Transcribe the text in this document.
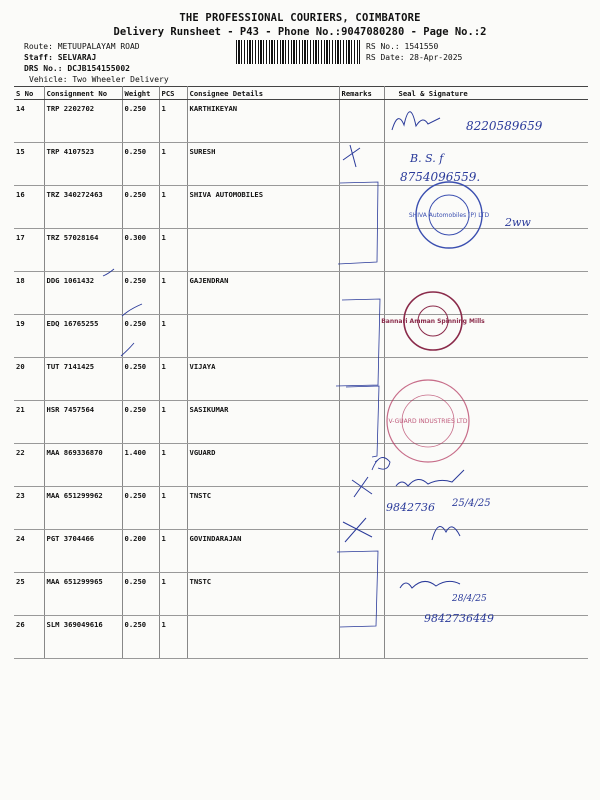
THE PROFESSIONAL COURIERS, COIMBATORE
Delivery Runsheet - P43 - Phone No.:9047080280 - Page No.:2
Route: METUUPALAYAM ROAD
Staff: SELVARAJ
DRS No.: DCJB154155002
Vehicle: Two Wheeler Delivery
RS No.: 1541550
RS Date: 28-Apr-2025
S No	Consignment No	Weight	PCS	Consignee Details	Remarks	Seal & Signature
14	TRP 2202702	0.250	1	KARTHIKEYAN		
15	TRP 4107523	0.250	1	SURESH		
16	TRZ 340272463	0.250	1	SHIVA AUTOMOBILES		
17	TRZ 57028164	0.300	1			
18	DDG 1061432	0.250	1	GAJENDRAN		
19	EDQ 16765255	0.250	1			
20	TUT 7141425	0.250	1	VIJAYA		
21	HSR 7457564	0.250	1	SASIKUMAR		
22	MAA 869336870	1.400	1	VGUARD		
23	MAA 651299962	0.250	1	TNSTC		
24	PGT 3704466	0.200	1	GOVINDARAJAN		
25	MAA 651299965	0.250	1	TNSTC		
26	SLM 369049616	0.250	1			
8220589659
B. S. f
8754096559.
SHIVA Automobiles (P) LTD
2ww
Bannari Amman Spinning Mills
V-GUARD INDUSTRIES LTD
9842736 25/4/25
28/4/25
9842736449
